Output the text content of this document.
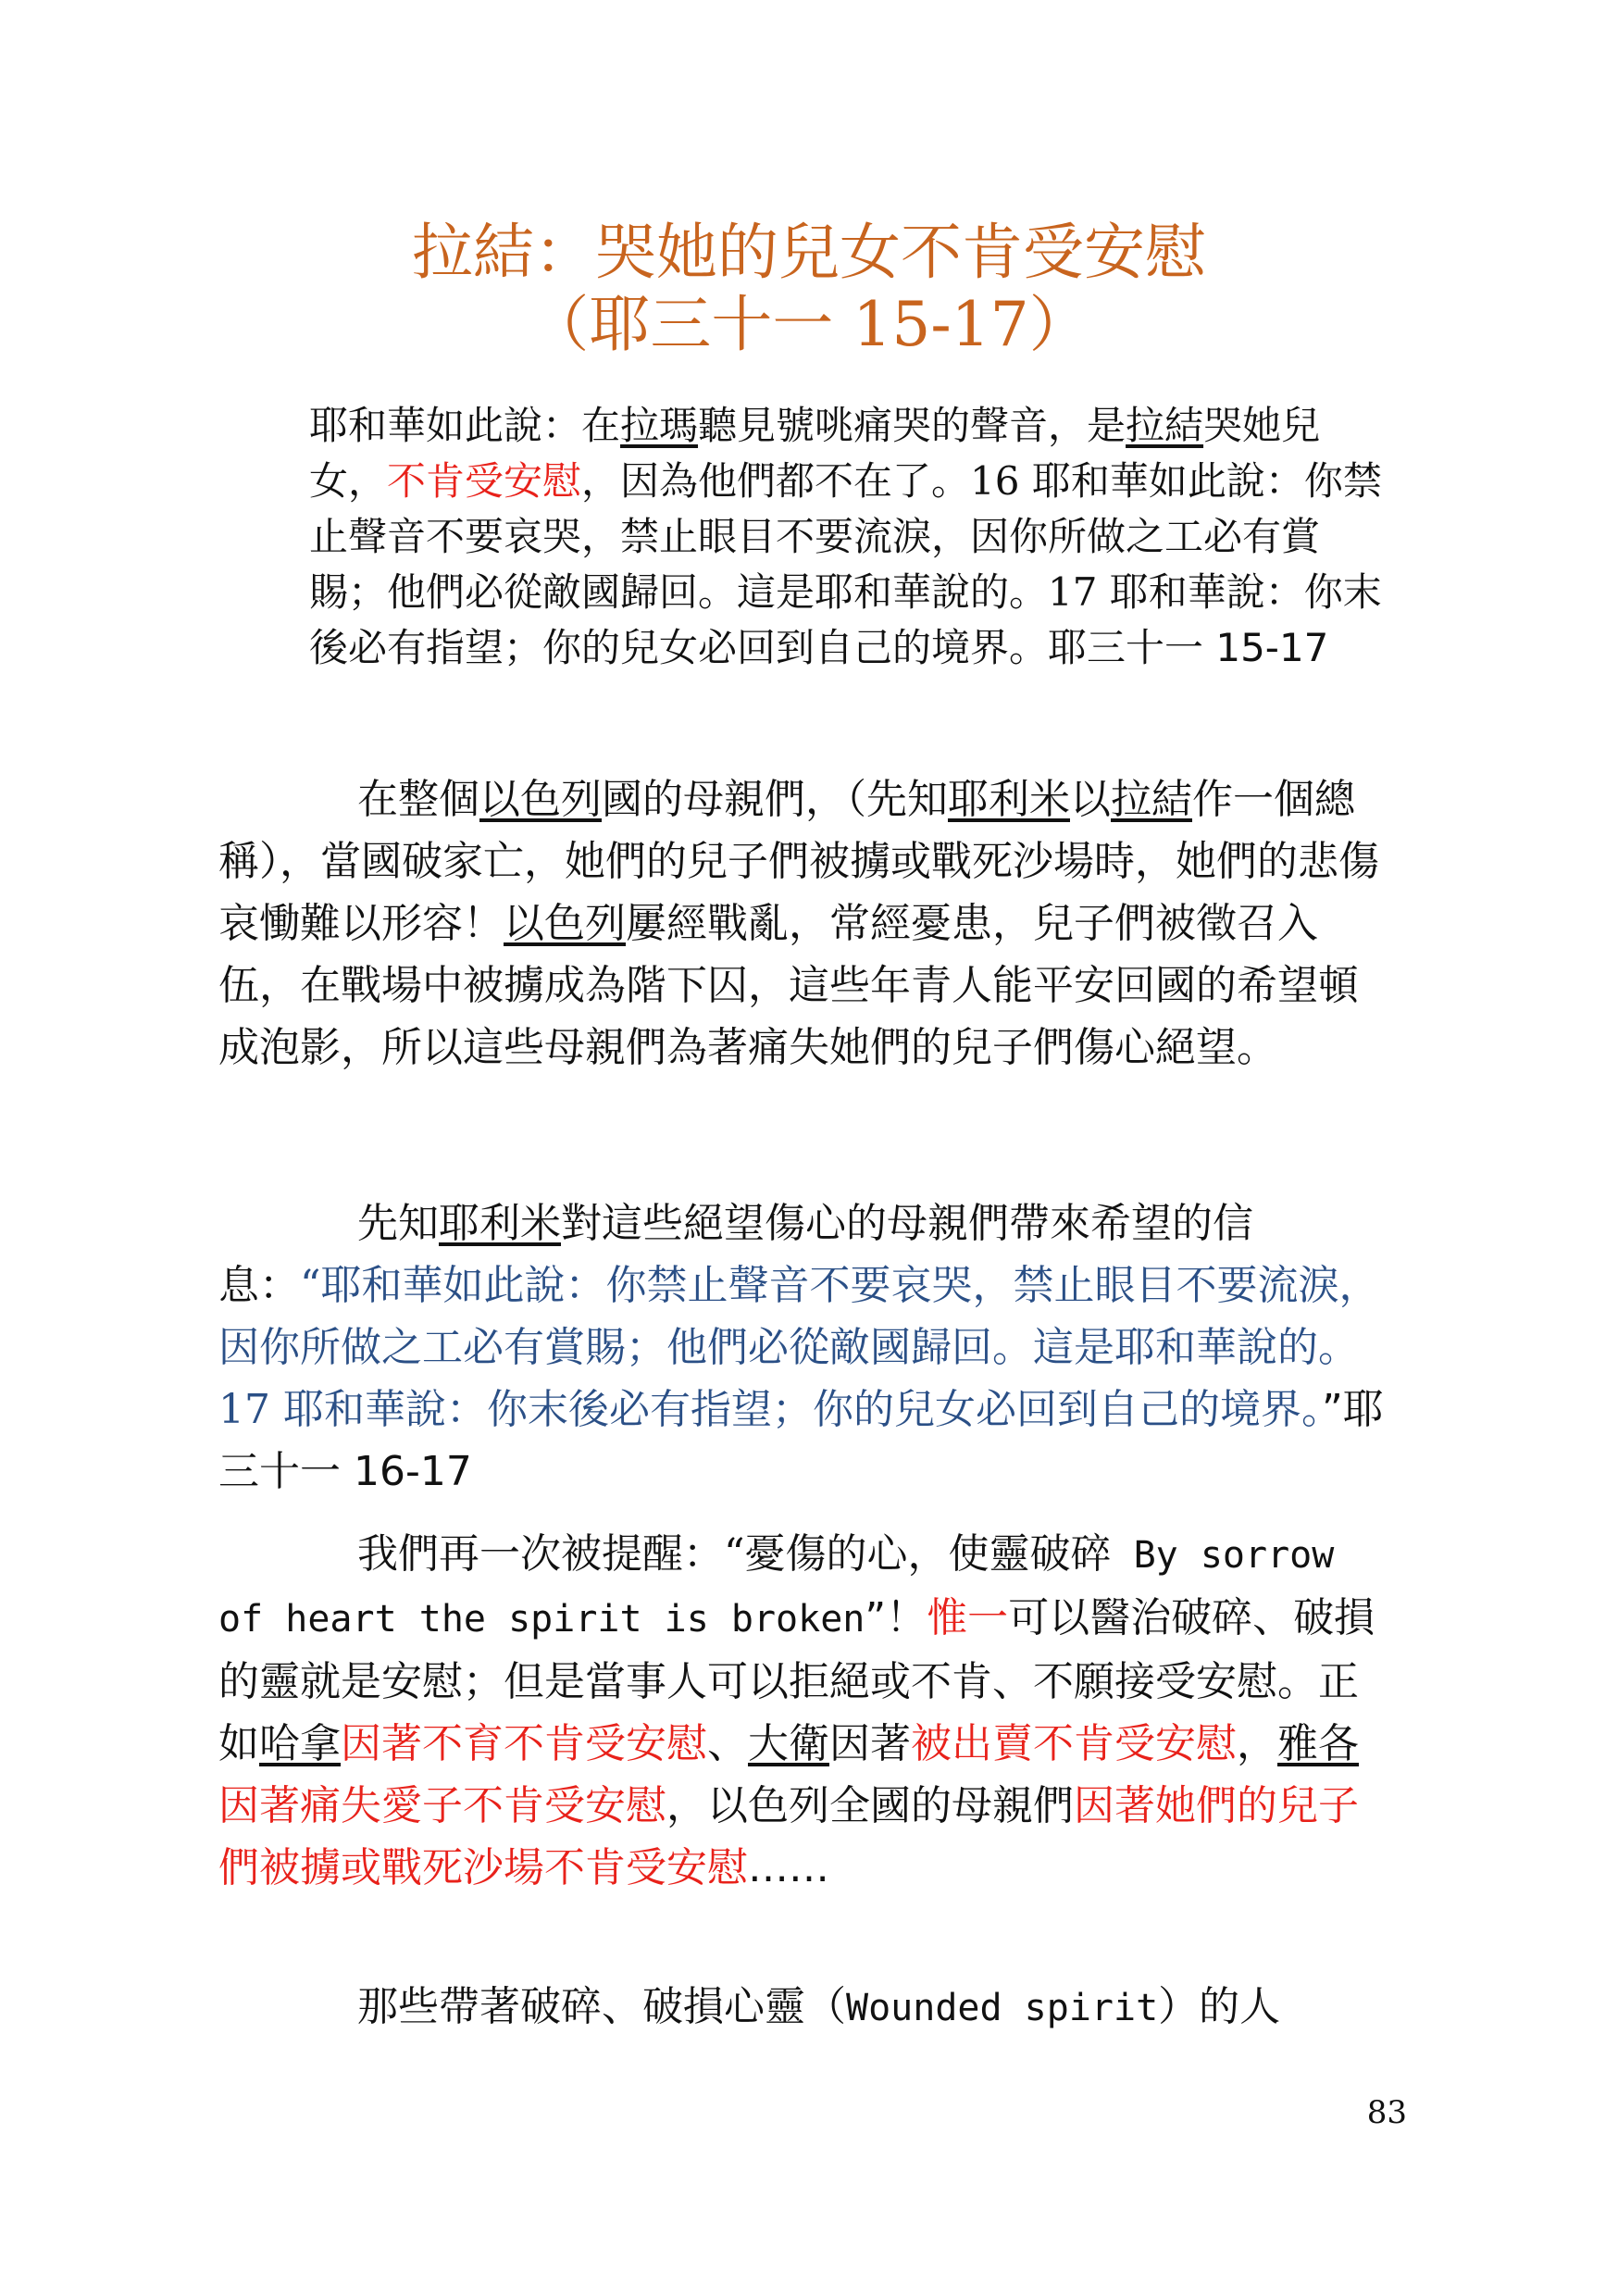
拉結：哭她的兒女不肯受安慰
（耶三十一 15-17）
耶和華如此說：在拉瑪聽見號咷痛哭的聲音，是拉結哭她兒女，不肯受安慰，因為他們都不在了。16 耶和華如此說：你禁止聲音不要哀哭，禁止眼目不要流淚，因你所做之工必有賞賜；他們必從敵國歸回。這是耶和華說的。17 耶和華說：你末後必有指望；你的兒女必回到自己的境界。耶三十一 15-17
在整個以色列國的母親們，（先知耶利米以拉結作一個總稱），當國破家亡，她們的兒子們被擄或戰死沙場時，她們的悲傷哀慟難以形容！以色列屢經戰亂，常經憂患，兒子們被徵召入伍，在戰場中被擄成為階下囚，這些年青人能平安回國的希望頓成泡影，所以這些母親們為著痛失她們的兒子們傷心絕望。
先知耶利米對這些絕望傷心的母親們帶來希望的信息：“耶和華如此說：你禁止聲音不要哀哭，禁止眼目不要流淚，因你所做之工必有賞賜；他們必從敵國歸回。這是耶和華說的。17 耶和華說：你末後必有指望；你的兒女必回到自己的境界。”耶三十一 16-17
我們再一次被提醒：“憂傷的心，使靈破碎 By sorrow of heart the spirit is broken”！惟一可以醫治破碎、破損的靈就是安慰；但是當事人可以拒絕或不肯、不願接受安慰。正如哈拿因著不育不肯受安慰、大衛因著被出賣不肯受安慰，雅各因著痛失愛子不肯受安慰，以色列全國的母親們因著她們的兒子們被擄或戰死沙場不肯受安慰……
那些帶著破碎、破損心靈（Wounded spirit）的人
83
